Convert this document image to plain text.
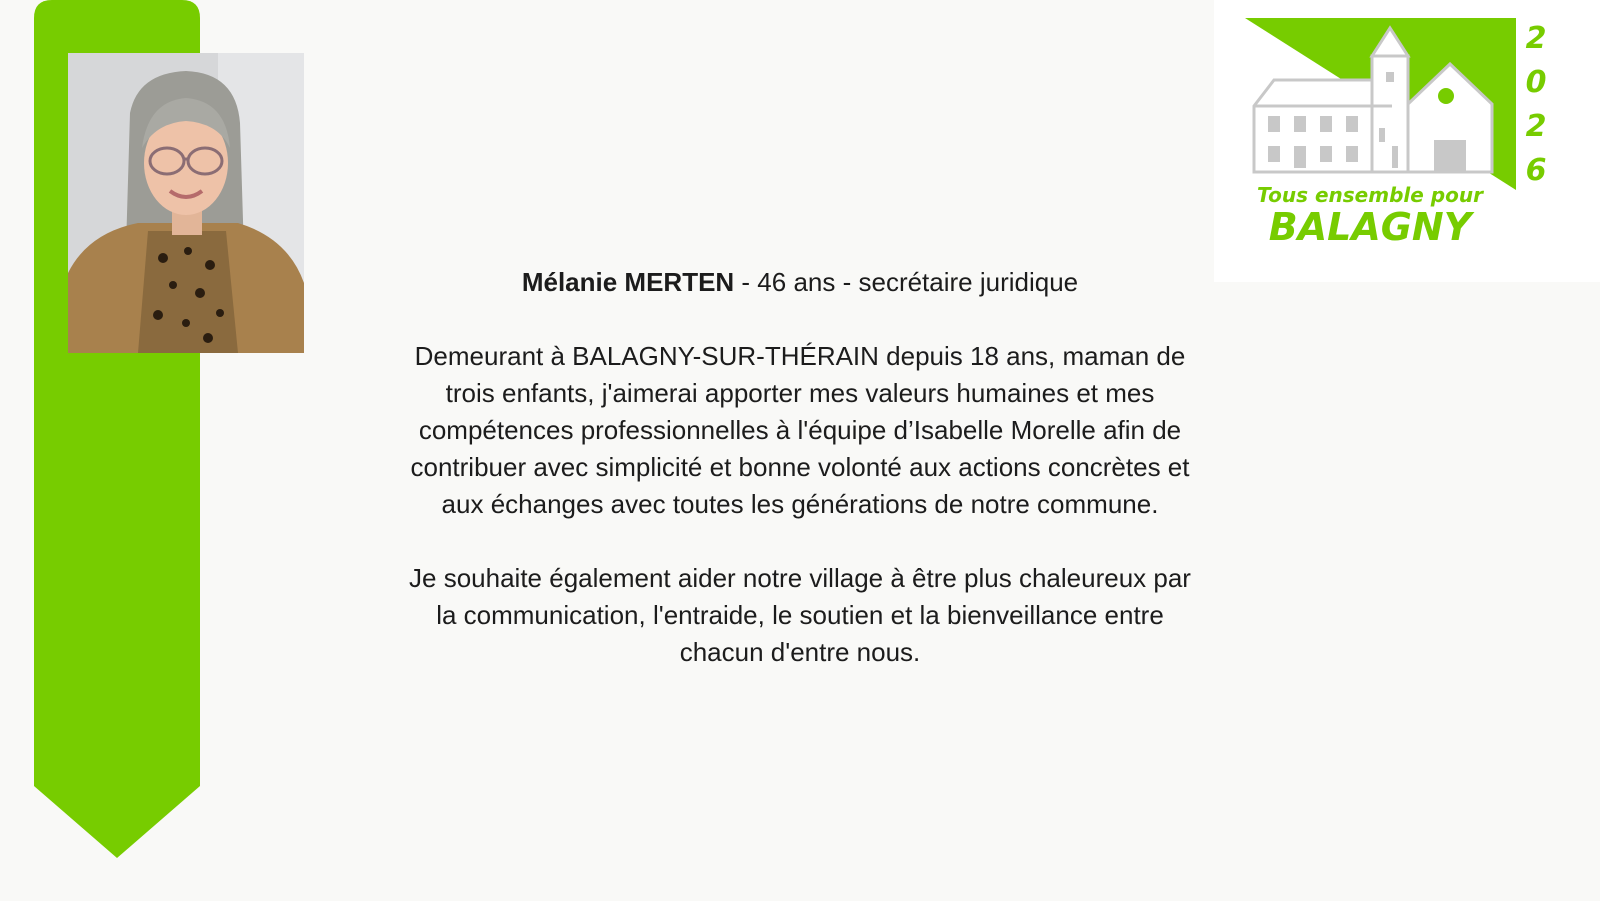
Mélanie MERTEN - 46 ans - secrétaire juridique

Demeurant à BALAGNY-SUR-THÉRAIN depuis 18 ans, maman de trois enfants, j'aimerai apporter mes valeurs humaines et mes compétences professionnelles à l'équipe d’Isabelle Morelle afin de contribuer avec simplicité et bonne volonté aux actions concrètes et aux échanges avec toutes les générations de notre commune.

Je souhaite également aider notre village à être plus chaleureux par la communication, l'entraide, le soutien et la bienveillance entre chacun d'entre nous.

2
0
2
6
Tous ensemble pour
BALAGNY
